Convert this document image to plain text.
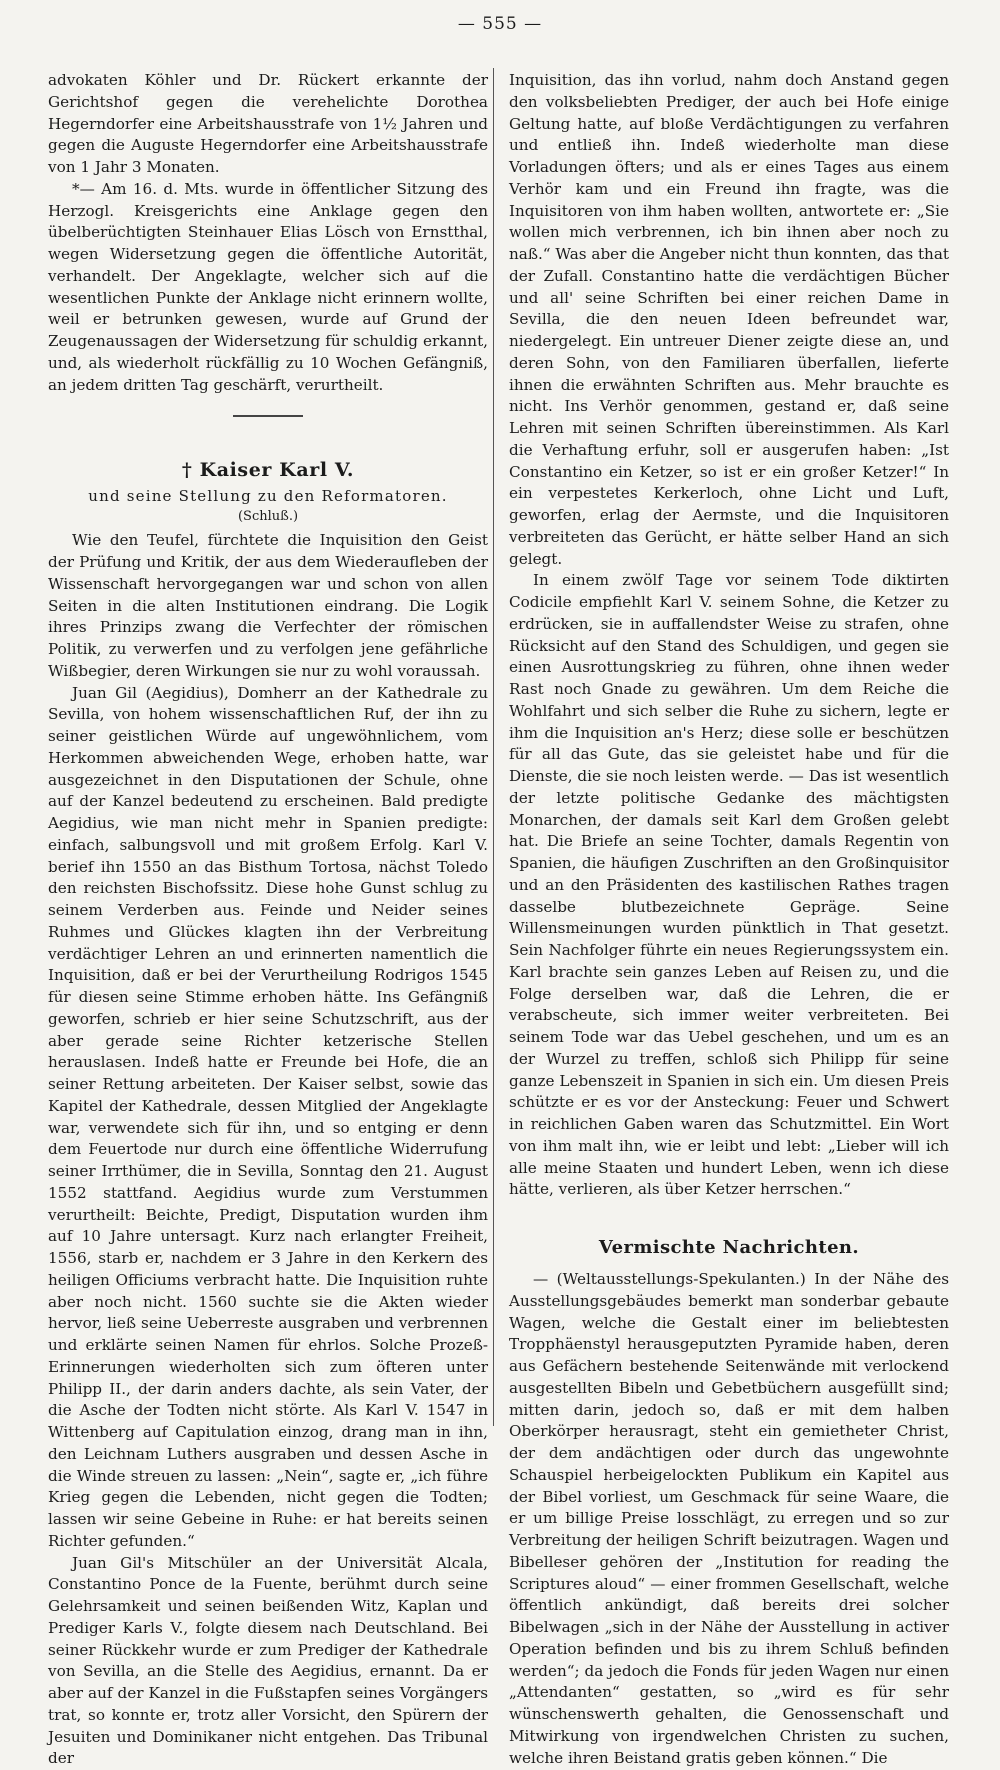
— 555 —

advokaten Köhler und Dr. Rückert erkannte der Gerichtshof gegen die verehelichte Dorothea Hegerndorfer eine Arbeitshausstrafe von 1½ Jahren und gegen die Auguste Hegerndorfer eine Arbeitshausstrafe von 1 Jahr 3 Monaten.

*— Am 16. d. Mts. wurde in öffentlicher Sitzung des Herzogl. Kreisgerichts eine Anklage gegen den übelberüchtigten Steinhauer Elias Lösch von Ernstthal, wegen Widersetzung gegen die öffentliche Autorität, verhandelt. Der Angeklagte, welcher sich auf die wesentlichen Punkte der Anklage nicht erinnern wollte, weil er betrunken gewesen, wurde auf Grund der Zeugenaussagen der Widersetzung für schuldig erkannt, und, als wiederholt rückfällig zu 10 Wochen Gefängniß, an jedem dritten Tag geschärft, verurtheilt.

† Kaiser Karl V.

und seine Stellung zu den Reformatoren.

(Schluß.)

Wie den Teufel, fürchtete die Inquisition den Geist der Prüfung und Kritik, der aus dem Wiederaufleben der Wissenschaft hervorgegangen war und schon von allen Seiten in die alten Institutionen eindrang. Die Logik ihres Prinzips zwang die Verfechter der römischen Politik, zu verwerfen und zu verfolgen jene gefährliche Wißbegier, deren Wirkungen sie nur zu wohl voraussah.

Juan Gil (Aegidius), Domherr an der Kathedrale zu Sevilla, von hohem wissenschaftlichen Ruf, der ihn zu seiner geistlichen Würde auf ungewöhnlichem, vom Herkommen abweichenden Wege, erhoben hatte, war ausgezeichnet in den Disputationen der Schule, ohne auf der Kanzel bedeutend zu erscheinen. Bald predigte Aegidius, wie man nicht mehr in Spanien predigte: einfach, salbungsvoll und mit großem Erfolg. Karl V. berief ihn 1550 an das Bisthum Tortosa, nächst Toledo den reichsten Bischofssitz. Diese hohe Gunst schlug zu seinem Verderben aus. Feinde und Neider seines Ruhmes und Glückes klagten ihn der Verbreitung verdächtiger Lehren an und erinnerten namentlich die Inquisition, daß er bei der Verurtheilung Rodrigos 1545 für diesen seine Stimme erhoben hätte. Ins Gefängniß geworfen, schrieb er hier seine Schutzschrift, aus der aber gerade seine Richter ketzerische Stellen herauslasen. Indeß hatte er Freunde bei Hofe, die an seiner Rettung arbeiteten. Der Kaiser selbst, sowie das Kapitel der Kathedrale, dessen Mitglied der Angeklagte war, verwendete sich für ihn, und so entging er denn dem Feuertode nur durch eine öffentliche Widerrufung seiner Irrthümer, die in Sevilla, Sonntag den 21. August 1552 stattfand. Aegidius wurde zum Verstummen verurtheilt: Beichte, Predigt, Disputation wurden ihm auf 10 Jahre untersagt. Kurz nach erlangter Freiheit, 1556, starb er, nachdem er 3 Jahre in den Kerkern des heiligen Officiums verbracht hatte. Die Inquisition ruhte aber noch nicht. 1560 suchte sie die Akten wieder hervor, ließ seine Ueberreste ausgraben und verbrennen und erklärte seinen Namen für ehrlos. Solche Prozeß-Erinnerungen wiederholten sich zum öfteren unter Philipp II., der darin anders dachte, als sein Vater, der die Asche der Todten nicht störte. Als Karl V. 1547 in Wittenberg auf Capitulation einzog, drang man in ihn, den Leichnam Luthers ausgraben und dessen Asche in die Winde streuen zu lassen: „Nein“, sagte er, „ich führe Krieg gegen die Lebenden, nicht gegen die Todten; lassen wir seine Gebeine in Ruhe: er hat bereits seinen Richter gefunden.“

Juan Gil's Mitschüler an der Universität Alcala, Constantino Ponce de la Fuente, berühmt durch seine Gelehrsamkeit und seinen beißenden Witz, Kaplan und Prediger Karls V., folgte diesem nach Deutschland. Bei seiner Rückkehr wurde er zum Prediger der Kathedrale von Sevilla, an die Stelle des Aegidius, ernannt. Da er aber auf der Kanzel in die Fußstapfen seines Vorgängers trat, so konnte er, trotz aller Vorsicht, den Spürern der Jesuiten und Dominikaner nicht entgehen. Das Tribunal der

Inquisition, das ihn vorlud, nahm doch Anstand gegen den volksbeliebten Prediger, der auch bei Hofe einige Geltung hatte, auf bloße Verdächtigungen zu verfahren und entließ ihn. Indeß wiederholte man diese Vorladungen öfters; und als er eines Tages aus einem Verhör kam und ein Freund ihn fragte, was die Inquisitoren von ihm haben wollten, antwortete er: „Sie wollen mich verbrennen, ich bin ihnen aber noch zu naß.“ Was aber die Angeber nicht thun konnten, das that der Zufall. Constantino hatte die verdächtigen Bücher und all' seine Schriften bei einer reichen Dame in Sevilla, die den neuen Ideen befreundet war, niedergelegt. Ein untreuer Diener zeigte diese an, und deren Sohn, von den Familiaren überfallen, lieferte ihnen die erwähnten Schriften aus. Mehr brauchte es nicht. Ins Verhör genommen, gestand er, daß seine Lehren mit seinen Schriften übereinstimmen. Als Karl die Verhaftung erfuhr, soll er ausgerufen haben: „Ist Constantino ein Ketzer, so ist er ein großer Ketzer!“ In ein verpestetes Kerkerloch, ohne Licht und Luft, geworfen, erlag der Aermste, und die Inquisitoren verbreiteten das Gerücht, er hätte selber Hand an sich gelegt.

In einem zwölf Tage vor seinem Tode diktirten Codicile empfiehlt Karl V. seinem Sohne, die Ketzer zu erdrücken, sie in auffallendster Weise zu strafen, ohne Rücksicht auf den Stand des Schuldigen, und gegen sie einen Ausrottungskrieg zu führen, ohne ihnen weder Rast noch Gnade zu gewähren. Um dem Reiche die Wohlfahrt und sich selber die Ruhe zu sichern, legte er ihm die Inquisition an's Herz; diese solle er beschützen für all das Gute, das sie geleistet habe und für die Dienste, die sie noch leisten werde. — Das ist wesentlich der letzte politische Gedanke des mächtigsten Monarchen, der damals seit Karl dem Großen gelebt hat. Die Briefe an seine Tochter, damals Regentin von Spanien, die häufigen Zuschriften an den Großinquisitor und an den Präsidenten des kastilischen Rathes tragen dasselbe blutbezeichnete Gepräge. Seine Willensmeinungen wurden pünktlich in That gesetzt. Sein Nachfolger führte ein neues Regierungssystem ein. Karl brachte sein ganzes Leben auf Reisen zu, und die Folge derselben war, daß die Lehren, die er verabscheute, sich immer weiter verbreiteten. Bei seinem Tode war das Uebel geschehen, und um es an der Wurzel zu treffen, schloß sich Philipp für seine ganze Lebenszeit in Spanien in sich ein. Um diesen Preis schützte er es vor der Ansteckung: Feuer und Schwert in reichlichen Gaben waren das Schutzmittel. Ein Wort von ihm malt ihn, wie er leibt und lebt: „Lieber will ich alle meine Staaten und hundert Leben, wenn ich diese hätte, verlieren, als über Ketzer herrschen.“

Vermischte Nachrichten.

— (Weltausstellungs-Spekulanten.) In der Nähe des Ausstellungsgebäudes bemerkt man sonderbar gebaute Wagen, welche die Gestalt einer im beliebtesten Tropphäenstyl herausgeputzten Pyramide haben, deren aus Gefächern bestehende Seitenwände mit verlockend ausgestellten Bibeln und Gebetbüchern ausgefüllt sind; mitten darin, jedoch so, daß er mit dem halben Oberkörper herausragt, steht ein gemietheter Christ, der dem andächtigen oder durch das ungewohnte Schauspiel herbeigelockten Publikum ein Kapitel aus der Bibel vorliest, um Geschmack für seine Waare, die er um billige Preise losschlägt, zu erregen und so zur Verbreitung der heiligen Schrift beizutragen. Wagen und Bibelleser gehören der „Institution for reading the Scriptures aloud“ — einer frommen Gesellschaft, welche öffentlich ankündigt, daß bereits drei solcher Bibelwagen „sich in der Nähe der Ausstellung in activer Operation befinden und bis zu ihrem Schluß befinden werden“; da jedoch die Fonds für jeden Wagen nur einen „Attendanten“ gestatten, so „wird es für sehr wünschenswerth gehalten, die Genossenschaft und Mitwirkung von irgendwelchen Christen zu suchen, welche ihren Beistand gratis geben können.“ Die
